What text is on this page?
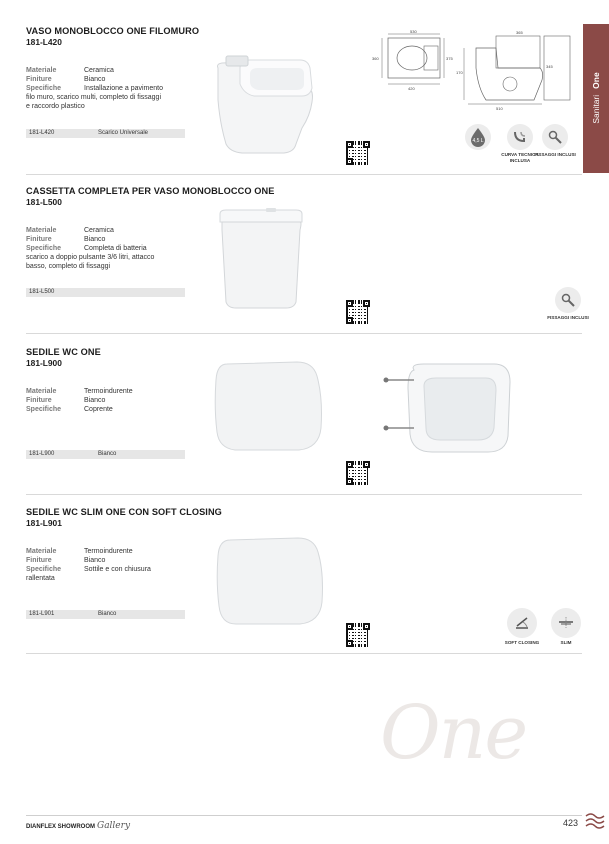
SanitariOne
VASO MONOBLOCCO ONE FILOMURO
181-L420
Materiale	Ceramica
Finiture	Bianco
Specifiche	Installazione a pavimento
filo muro, scarico multi, completo di fissaggi
e raccordo plastico
181-L420	Scarico Universale
530
360	375
420
365
170
345
510
4,5 L
CURVA TECNICA INCLUSA
FISSAGGI INCLUSI
CASSETTA COMPLETA PER VASO MONOBLOCCO ONE
181-L500
Materiale	Ceramica
Finiture	Bianco
Specifiche	Completa di batteria
scarico a doppio pulsante 3/6 litri, attacco
basso, completo di fissaggi
181-L500
FISSAGGI INCLUSI
SEDILE WC ONE
181-L900
Materiale	Termoindurente
Finiture	Bianco
Specifiche	Coprente
181-L900	Bianco
SEDILE WC SLIM ONE CON SOFT CLOSING
181-L901
Materiale	Termoindurente
Finiture	Bianco
Specifiche	Sottile e con chiusura
rallentata
181-L901	Bianco
SOFT CLOSING	SLIM
One
DIANFLEX SHOWROOM Gallery	423
